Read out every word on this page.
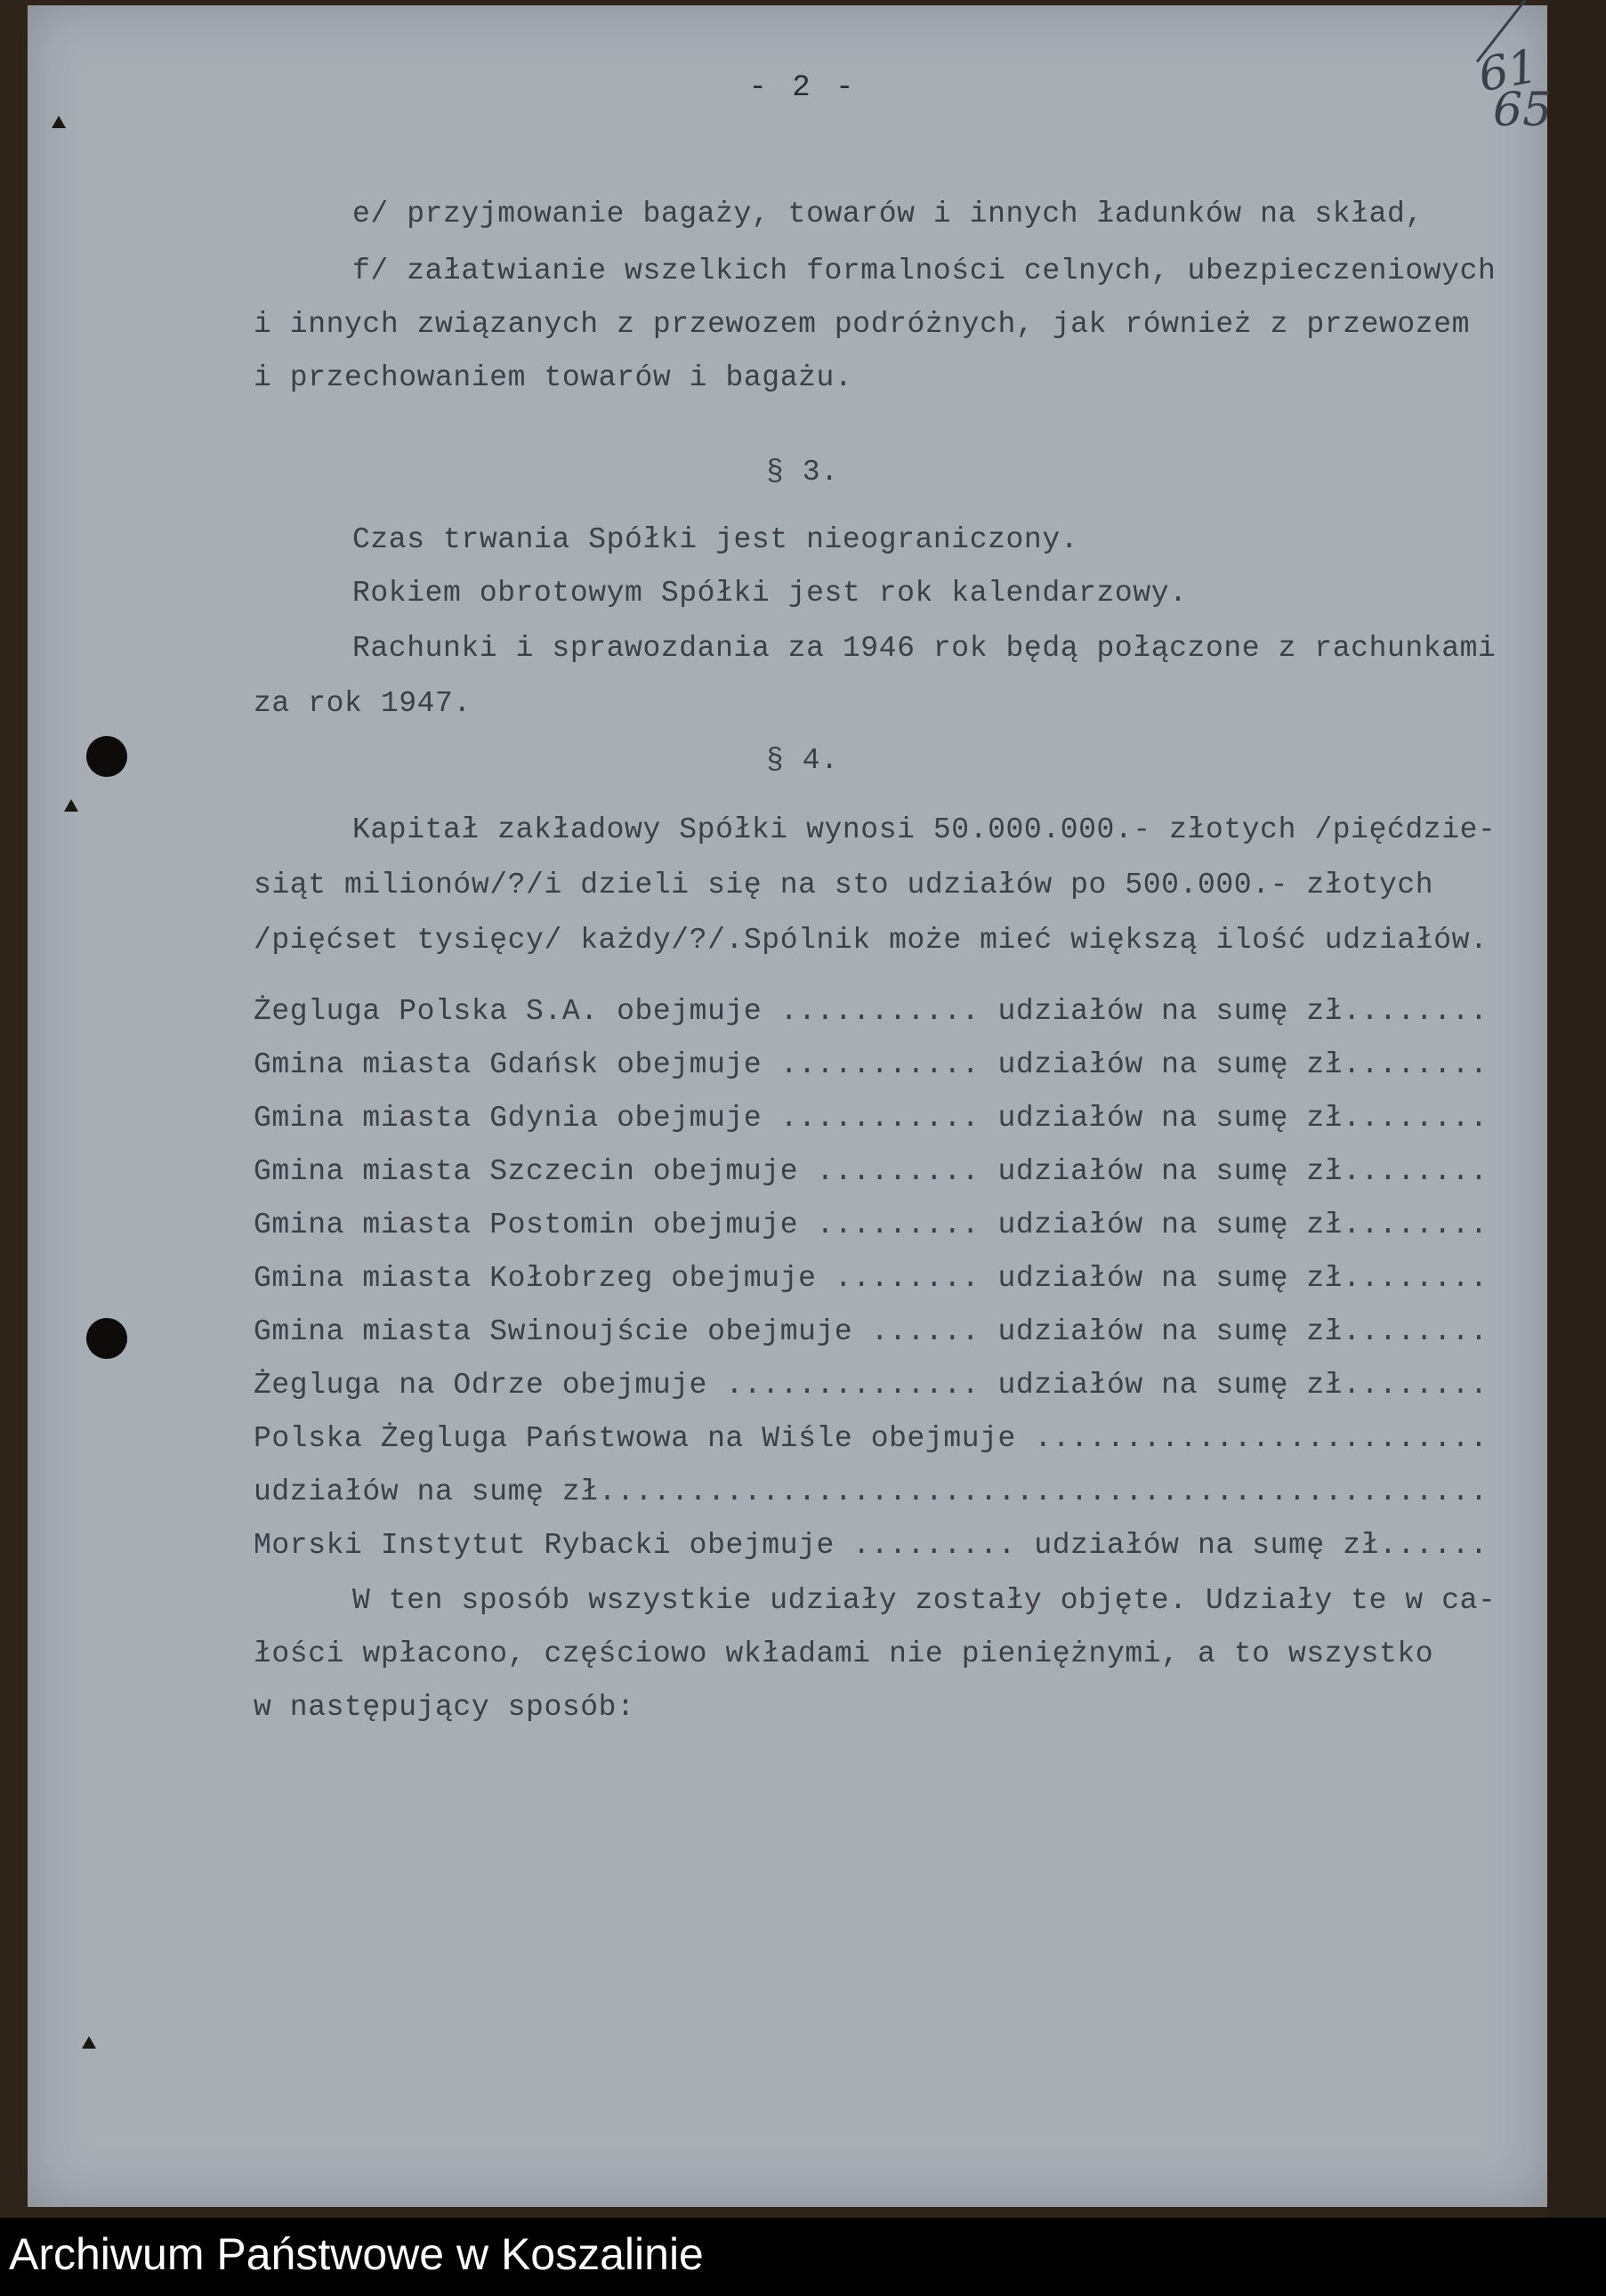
- 2 -	61
65
e/ przyjmowanie bagaży, towarów i innych ładunków na skład,
f/ załatwianie wszelkich formalności celnych, ubezpieczeniowych
i innych związanych z przewozem podróżnych, jak również z przewozem
i przechowaniem towarów i bagażu.
§ 3.
Czas trwania Spółki jest nieograniczony.
Rokiem obrotowym Spółki jest rok kalendarzowy.
Rachunki i sprawozdania za 1946 rok będą połączone z rachunkami
za rok 1947.
§ 4.
Kapitał zakładowy Spółki wynosi 50.000.000.- złotych /pięćdzie-
siąt milionów/?/i dzieli się na sto udziałów po 500.000.- złotych
/pięćset tysięcy/ każdy/?/.Spólnik może mieć większą ilość udziałów.
Żegluga Polska S.A. obejmuje ........... udziałów na sumę zł........
Gmina miasta Gdańsk obejmuje ........... udziałów na sumę zł........
Gmina miasta Gdynia obejmuje ........... udziałów na sumę zł........
Gmina miasta Szczecin obejmuje ......... udziałów na sumę zł........
Gmina miasta Postomin obejmuje ......... udziałów na sumę zł........
Gmina miasta Kołobrzeg obejmuje ........ udziałów na sumę zł........
Gmina miasta Swinoujście obejmuje ...... udziałów na sumę zł........
Żegluga na Odrze obejmuje .............. udziałów na sumę zł........
Polska Żegluga Państwowa na Wiśle obejmuje .........................
udziałów na sumę zł.................................................
Morski Instytut Rybacki obejmuje ......... udziałów na sumę zł......
W ten sposób wszystkie udziały zostały objęte. Udziały te w ca-
łości wpłacono, częściowo wkładami nie pieniężnymi, a to wszystko
w następujący sposób:
Archiwum Państwowe w Koszalinie
